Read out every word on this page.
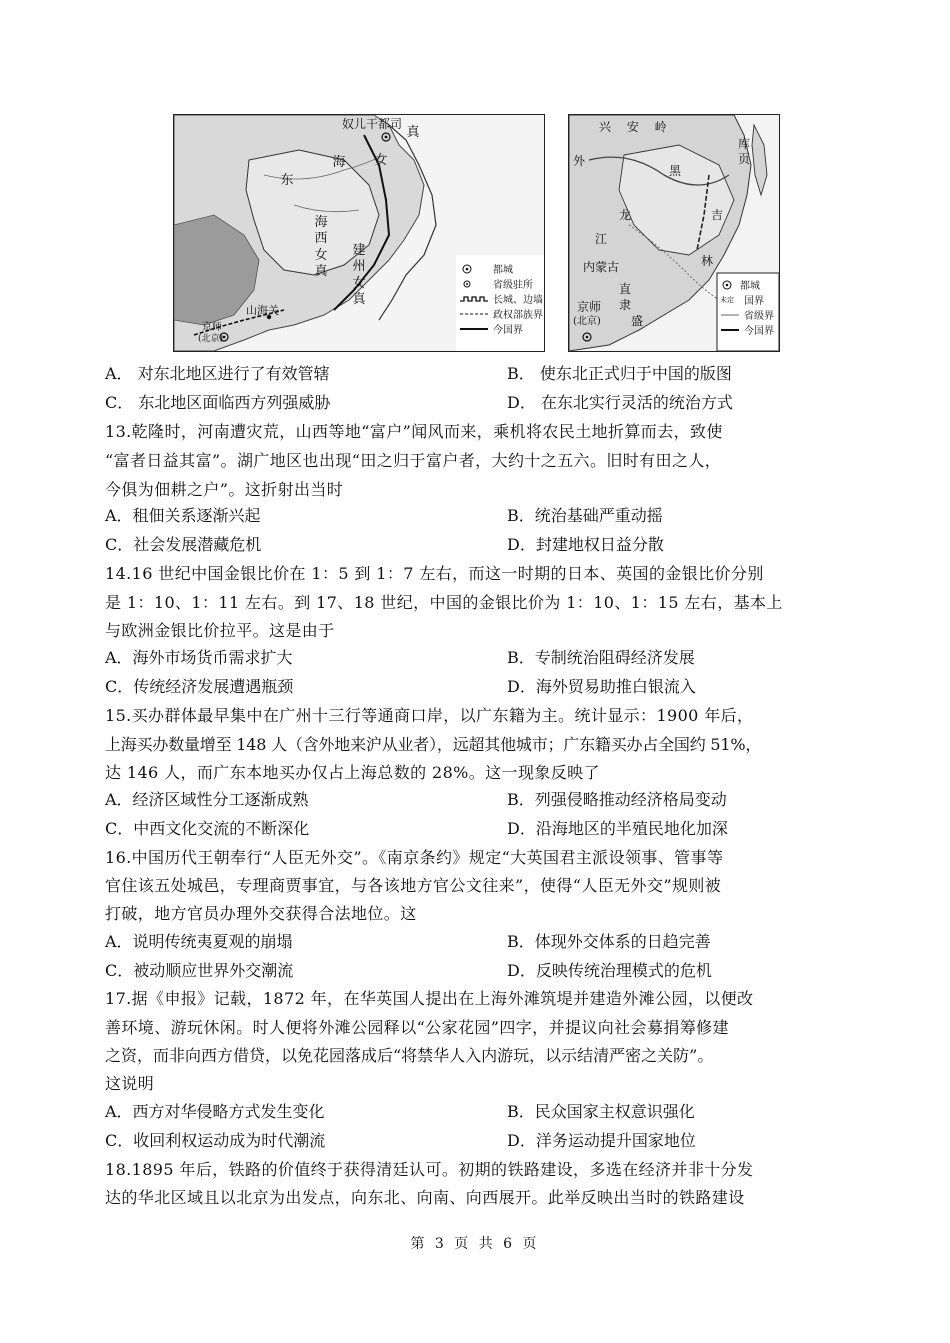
奴儿干都司
东
海 女
真
海西女真
建州女真
山海关
京师
(北京)
都城
省级驻所
长城、边墙
政权部族界
今国界
外
兴 安 岭
库页
黑
龙
江
吉
林
内蒙古
直
隶
盛
京师
(北京)
都城
未定	国界
省级界
今国界
A． 对东北地区进行了有效管辖	B． 使东北正式归于中国的版图
C． 东北地区面临西方列强威胁	D． 在东北实行灵活的统治方式
13.乾隆时，河南遭灾荒，山西等地“富户”闻风而来，乘机将农民土地折算而去，致使
“富者日益其富”。湖广地区也出现“田之归于富户者，大约十之五六。旧时有田之人，
今俱为佃耕之户”。这折射出当时
A．租佃关系逐渐兴起	B．统治基础严重动摇
C．社会发展潜藏危机	D．封建地权日益分散
14.16 世纪中国金银比价在 1：5 到 1：7 左右，而这一时期的日本、英国的金银比价分别
是 1：10、1：11 左右。到 17、18 世纪，中国的金银比价为 1：10、1：15 左右，基本上
与欧洲金银比价拉平。这是由于
A．海外市场货币需求扩大	B．专制统治阻碍经济发展
C．传统经济发展遭遇瓶颈	D．海外贸易助推白银流入
15.买办群体最早集中在广州十三行等通商口岸，以广东籍为主。统计显示：1900 年后，
上海买办数量增至 148 人（含外地来沪从业者），远超其他城市；广东籍买办占全国约 51%，
达 146 人，而广东本地买办仅占上海总数的 28%。这一现象反映了
A．经济区域性分工逐渐成熟	B．列强侵略推动经济格局变动
C．中西文化交流的不断深化	D．沿海地区的半殖民地化加深
16.中国历代王朝奉行“人臣无外交”。《南京条约》规定“大英国君主派设领事、管事等
官住该五处城邑，专理商贾事宜，与各该地方官公文往来”，使得“人臣无外交”规则被
打破，地方官员办理外交获得合法地位。这
A．说明传统夷夏观的崩塌	B．体现外交体系的日趋完善
C．被动顺应世界外交潮流	D．反映传统治理模式的危机
17.据《申报》记载，1872 年，在华英国人提出在上海外滩筑堤并建造外滩公园，以便改
善环境、游玩休闲。时人便将外滩公园释以“公家花园”四字，并提议向社会募捐筹修建
之资，而非向西方借贷，以免花园落成后“将禁华人入内游玩，以示结清严密之关防”。
这说明
A．西方对华侵略方式发生变化	B．民众国家主权意识强化
C．收回利权运动成为时代潮流	D．洋务运动提升国家地位
18.1895 年后，铁路的价值终于获得清廷认可。初期的铁路建设，多选在经济并非十分发
达的华北区域且以北京为出发点，向东北、向南、向西展开。此举反映出当时的铁路建设
第 3 页 共 6 页
